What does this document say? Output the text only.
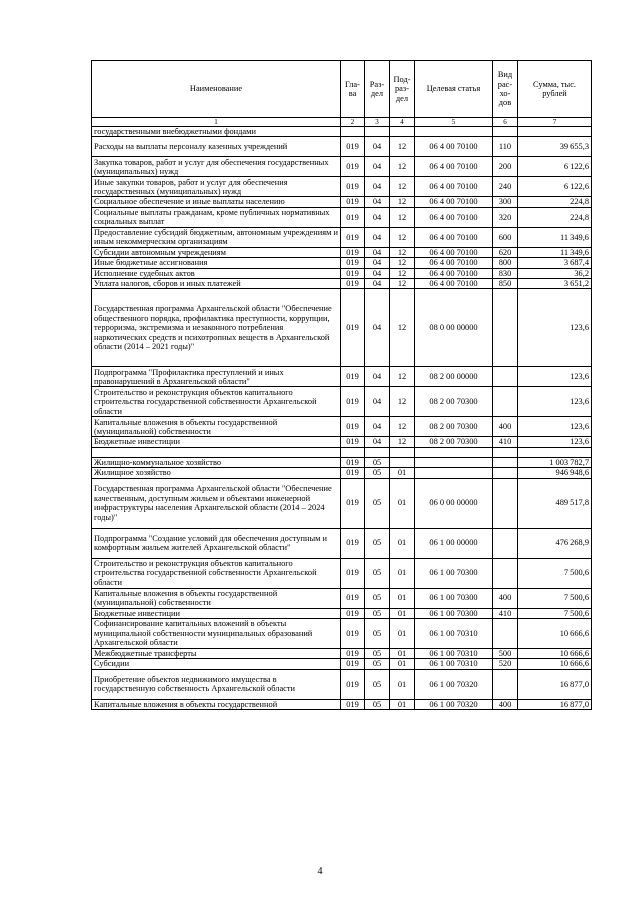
Наименование	Гла-ва	Раз-дел	Под-раз-дел	Целевая статья	Вид рас-хо-дов	Сумма, тыс. рублей
1	2	3	4	5	6	7
государственными внебюджетными фондами						
Расходы на выплаты персоналу казенных учреждений	019	04	12	06 4 00 70100	110	39 655,3
Закупка товаров, работ и услуг для обеспечения государственных (муниципальных) нужд	019	04	12	06 4 00 70100	200	6 122,6
Иные закупки товаров, работ и услуг для обеспечения государственных (муниципальных) нужд	019	04	12	06 4 00 70100	240	6 122,6
Социальное обеспечение и иные выплаты населению	019	04	12	06 4 00 70100	300	224,8
Социальные выплаты гражданам, кроме публичных нормативных социальных выплат	019	04	12	06 4 00 70100	320	224,8
Предоставление субсидий бюджетным, автономным учреждениям и иным некоммерческим организациям	019	04	12	06 4 00 70100	600	11 349,6
Субсидии автономным учреждениям	019	04	12	06 4 00 70100	620	11 349,6
Иные бюджетные ассигнования	019	04	12	06 4 00 70100	800	3 687,4
Исполнение судебных актов	019	04	12	06 4 00 70100	830	36,2
Уплата налогов, сборов и иных платежей	019	04	12	06 4 00 70100	850	3 651,2
Государственная программа Архангельской области "Обеспечение общественного порядка, профилактика преступности, коррупции, терроризма, экстремизма и незаконного потребления наркотических средств и психотропных веществ в Архангельской области (2014 – 2021 годы)"	019	04	12	08 0 00 00000		123,6
Подпрограмма "Профилактика преступлений и иных правонарушений в Архангельской области"	019	04	12	08 2 00 00000		123,6
Строительство и реконструкция объектов капитального строительства государственной собственности Архангельской области	019	04	12	08 2 00 70300		123,6
Капитальные вложения в объекты государственной (муниципальной) собственности	019	04	12	08 2 00 70300	400	123,6
Бюджетные инвестиции	019	04	12	08 2 00 70300	410	123,6

Жилищно-коммунальное хозяйство	019	05				1 003 782,7
Жилищное хозяйство	019	05	01			946 948,6
Государственная программа Архангельской области "Обеспечение качественным, доступным жильем и объектами инженерной инфраструктуры населения Архангельской области (2014 – 2024 годы)"	019	05	01	06 0 00 00000		489 517,8
Подпрограмма "Создание условий для обеспечения доступным и комфортным жильем жителей Архангельской области"	019	05	01	06 1 00 00000		476 268,9
Строительство и реконструкция объектов капитального строительства государственной собственности Архангельской области	019	05	01	06 1 00 70300		7 500,6
Капитальные вложения в объекты государственной (муниципальной) собственности	019	05	01	06 1 00 70300	400	7 500,6
Бюджетные инвестиции	019	05	01	06 1 00 70300	410	7 500,6
Софинансирование капитальных вложений в объекты муниципальной собственности муниципальных образований Архангельской области	019	05	01	06 1 00 70310		10 666,6
Межбюджетные трансферты	019	05	01	06 1 00 70310	500	10 666,6
Субсидии	019	05	01	06 1 00 70310	520	10 666,6
Приобретение объектов недвижимого имущества в государственную собственность Архангельской области	019	05	01	06 1 00 70320		16 877,0
Капитальные вложения в объекты государственной	019	05	01	06 1 00 70320	400	16 877,0
4
